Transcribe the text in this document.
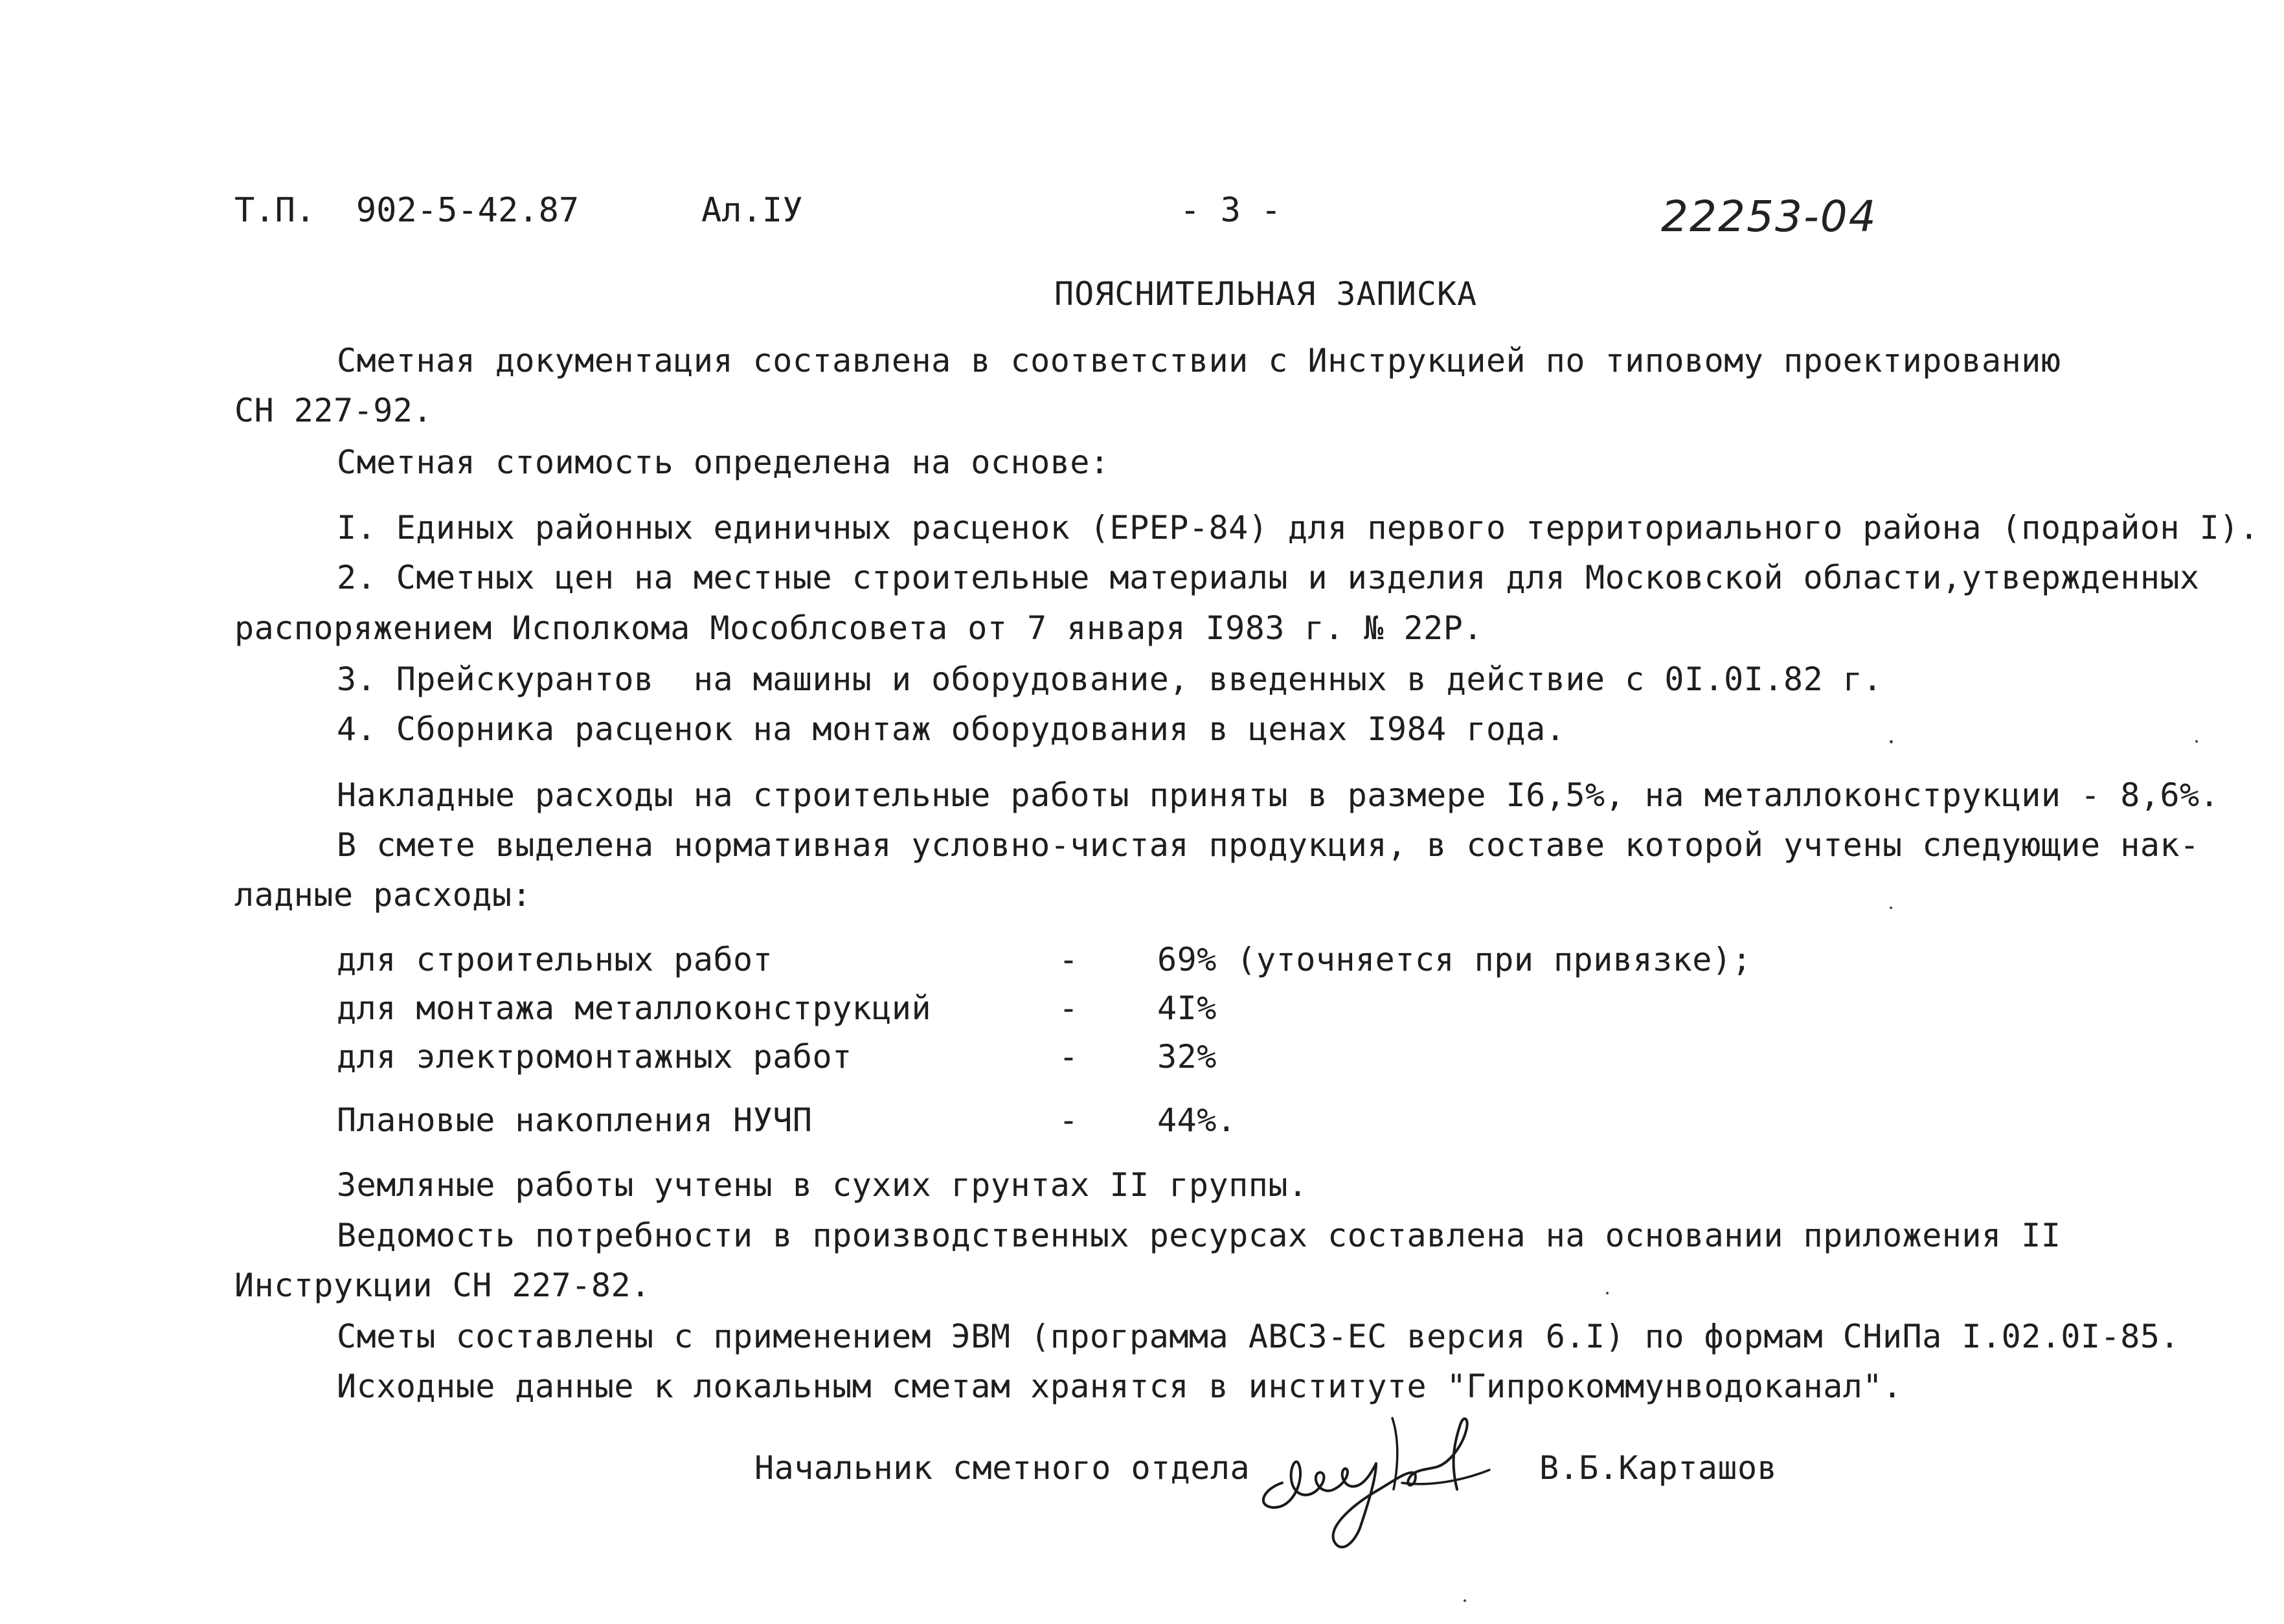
Т.П.  902-5-42.87	Ал.IУ	- 3 -	22253-04
ПОЯСНИТЕЛЬНАЯ ЗАПИСКА
Сметная документация составлена в соответствии с Инструкцией по типовому проектированию
СН 227-92.
Сметная стоимость определена на основе:
I. Единых районных единичных расценок (ЕРЕР-84) для первого территориального района (подрайон I).
2. Сметных цен на местные строительные материалы и изделия для Московской области,утвержденных
распоряжением Исполкома Мособлсовета от 7 января I983 г. № 22Р.
3. Прейскурантов  на машины и оборудование, введенных в действие с 0I.0I.82 г.
4. Сборника расценок на монтаж оборудования в ценах I984 года.
Накладные расходы на строительные работы приняты в размере I6,5%, на металлоконструкции - 8,6%.
В смете выделена нормативная условно-чистая продукция, в составе которой учтены следующие нак-
ладные расходы:
для строительных работ	- 69% (уточняется при привязке);
для монтажа металлоконструкций	- 4I%
для электромонтажных работ	- 32%
Плановые накопления НУЧП	- 44%.
Земляные работы учтены в сухих грунтах II группы.
Ведомость потребности в производственных ресурсах составлена на основании приложения II
Инструкции СН 227-82.
Сметы составлены с применением ЭВМ (программа АВСЗ-ЕС версия 6.I) по формам СНиПа I.02.0I-85.
Исходные данные к локальным сметам хранятся в институте "Гипрокоммунводоканал".
Начальник сметного отдела	В.Б.Карташов
